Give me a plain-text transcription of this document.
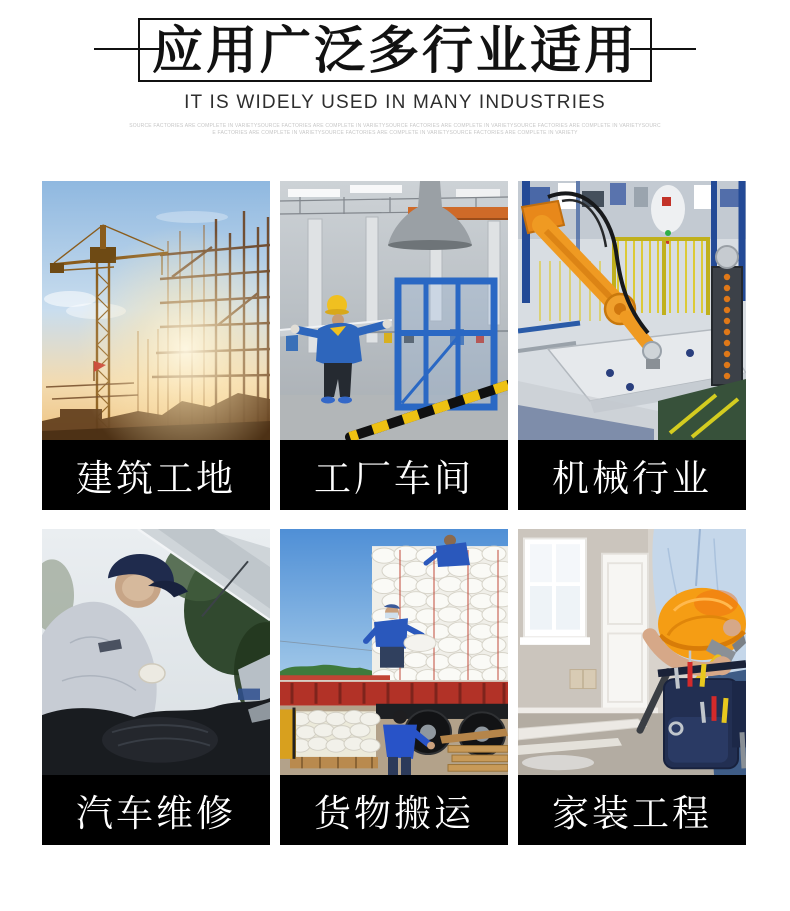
应用广泛多行业适用
IT IS WIDELY USED IN MANY INDUSTRIES
SOURCE FACTORIES ARE COMPLETE IN VARIETYSOURCE FACTORIES ARE COMPLETE IN VARIETYSOURCE FACTORIES ARE COMPLETE IN VARIETYSOURCE FACTORIES ARE COMPLETE IN VARIETYSOURC
E FACTORIES ARE COMPLETE IN VARIETYSOURCE FACTORIES ARE COMPLETE IN VARIETYSOURCE FACTORIES ARE COMPLETE IN VARIETY
建筑工地	工厂车间	机械行业
汽车维修	货物搬运	家装工程
